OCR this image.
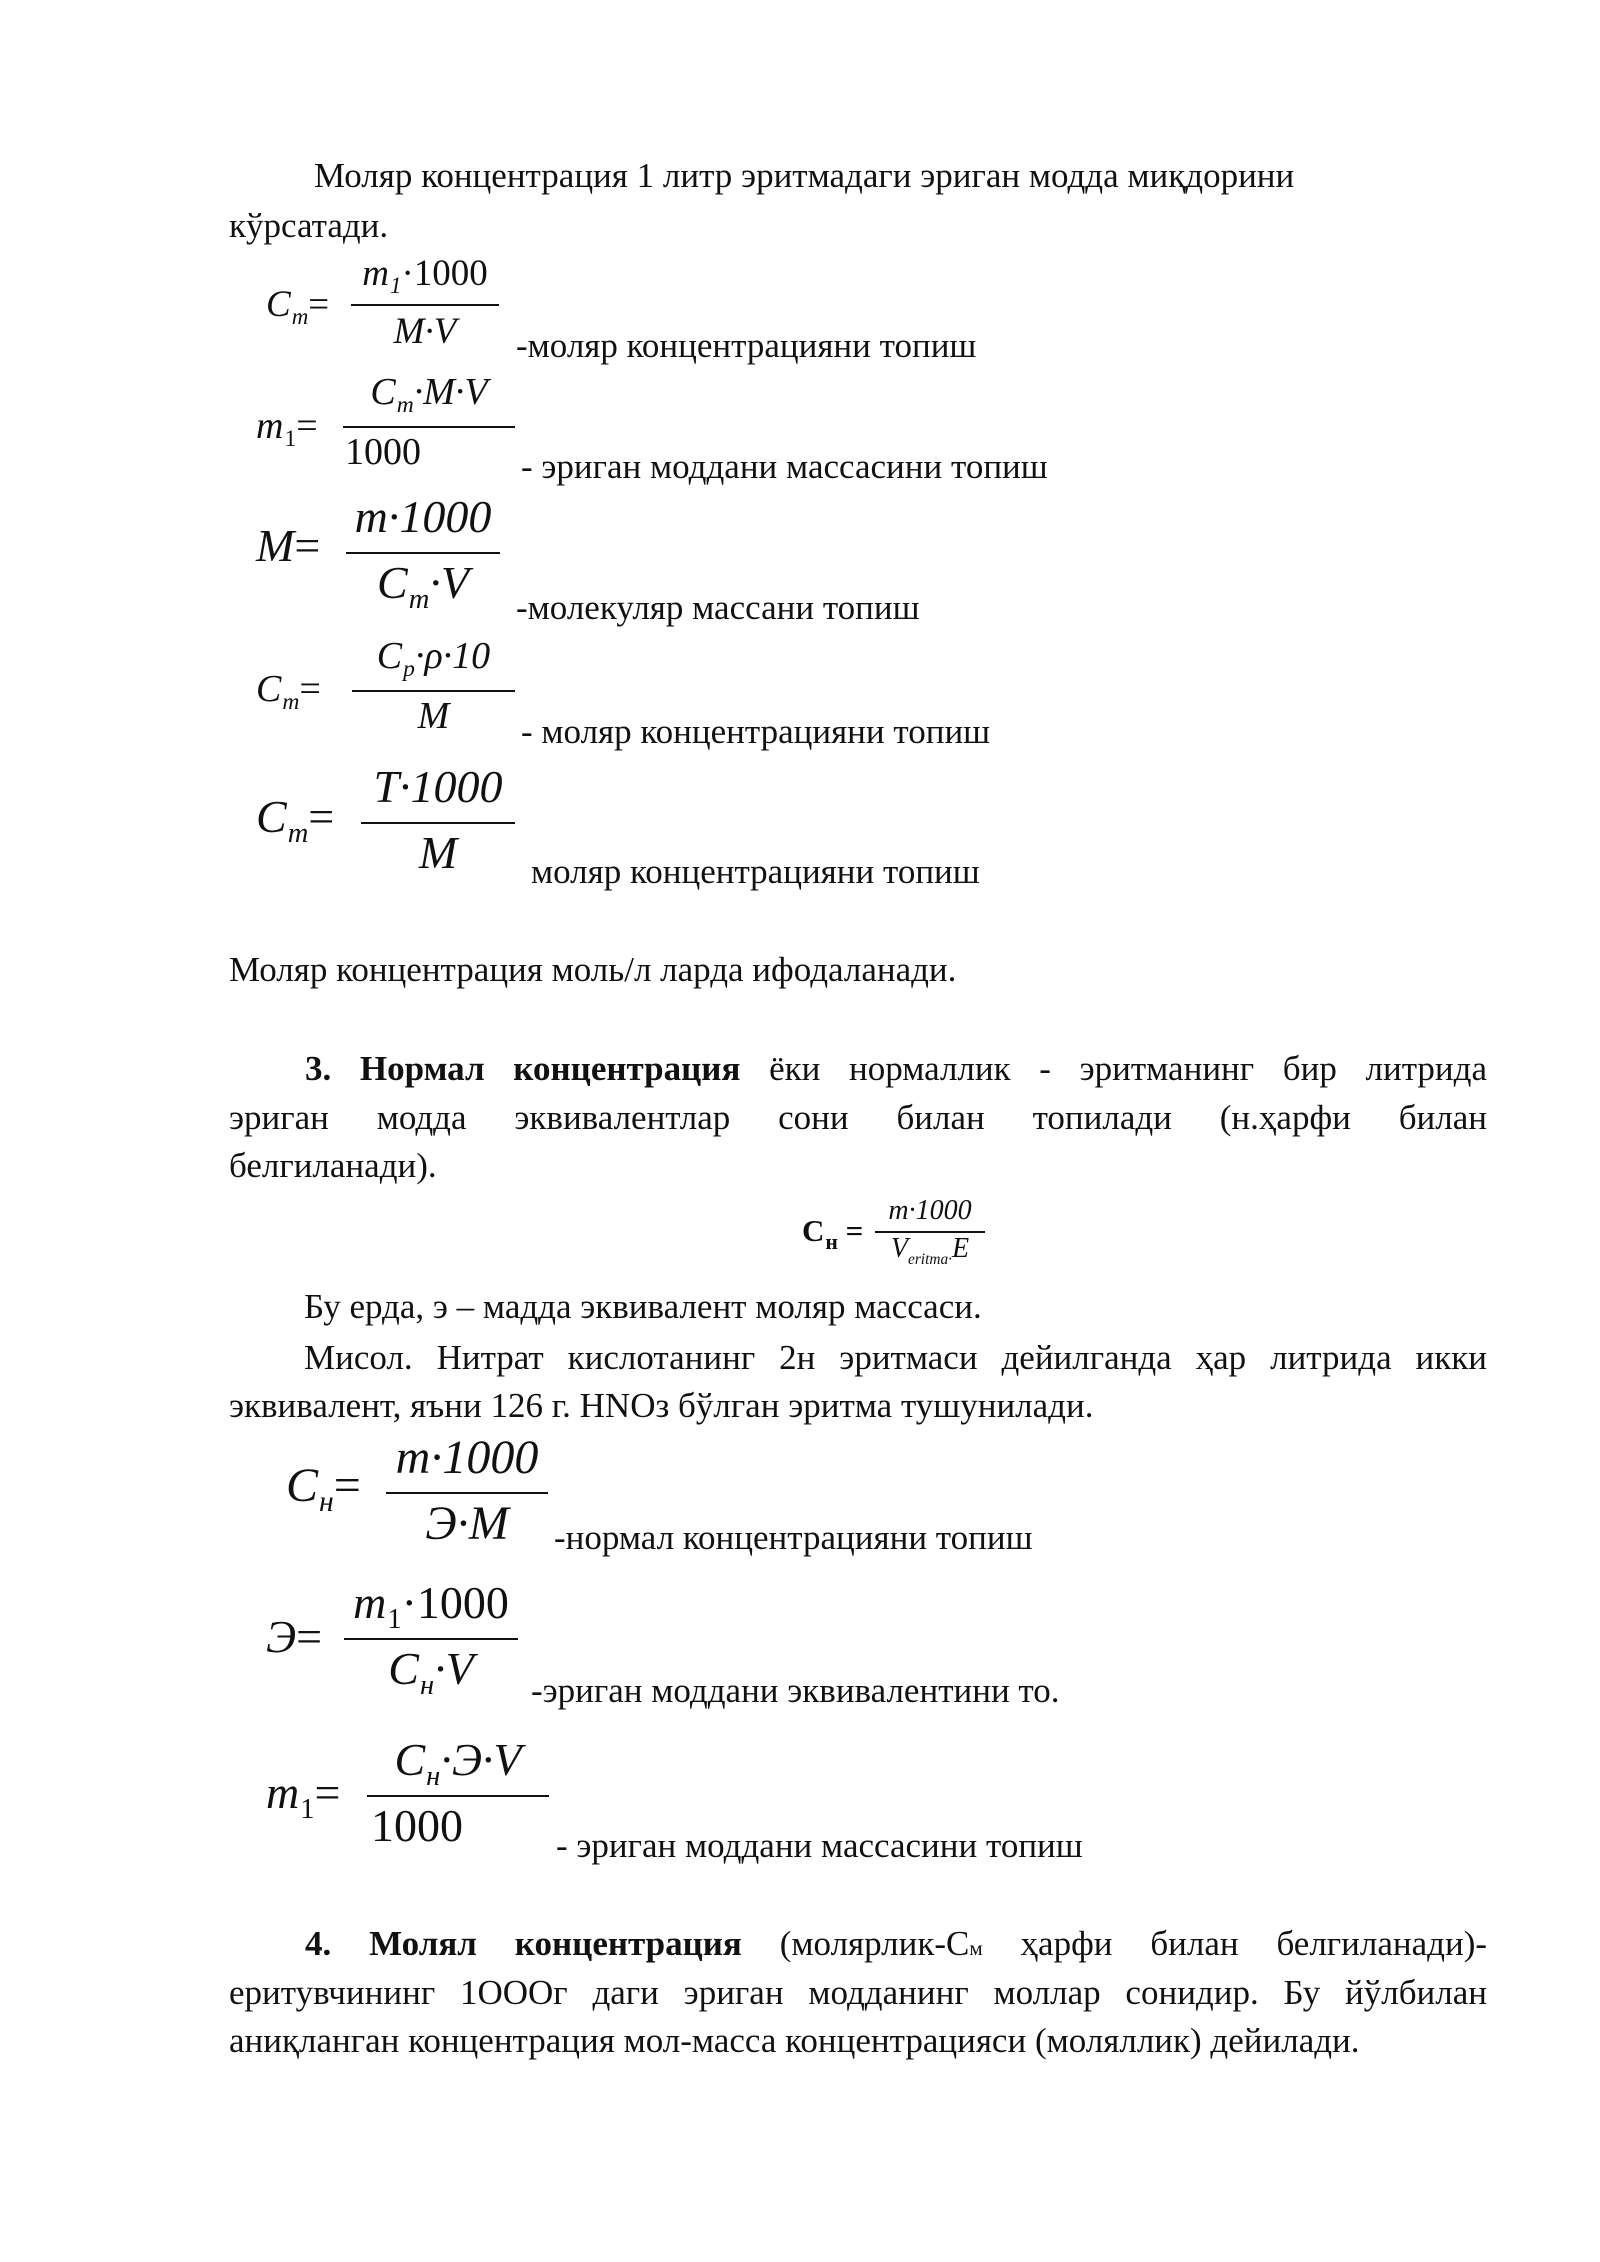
Моляр концентрация 1 литр эритмадаги эриган модда миқдорини
кўрсатади.
$C_m=$
$m_1\cdot 1000$
M·V	-моляр концентрацияни топиш
$m_1=$
$C_m\cdot M\cdot V$
1000	- эриган моддани массасини топиш
M=
m·1000
$C_m\cdot V$	-молекуляр массани топиш
$C_m=$
$C_p\cdot\rho\cdot 10$
M	- моляр концентрацияни топиш
$C_m=$
T·1000
M	моляр концентрацияни топиш
Моляр концентрация моль/л ларда ифодаланади.
3. Нормал концентрация ёки нормаллик - эритманинг бир литрида
эриган модда эквивалентлар сони билан топилади (н.ҳарфи билан
белгиланади).
$С_н$ =
m·1000
$V_{eritma\cdot}E$
Бу ерда, э – мадда эквивалент моляр массаси.
Мисол. Нитрат кислотанинг 2н эритмаси дейилганда ҳар литрида икки
эквивалент, яъни 126 г. HNOз бўлган эритма тушунилади.
$C_н=$
m·1000
Э·M	-нормал концентрацияни топиш
Э=
$m_1\cdot 1000$
$C_н\cdot V$	-эриган моддани эквивалентини то.
$m_1=$
$C_н\cdot Э\cdot V$
1000	- эриган моддани массасини топиш
4. Молял концентрация (молярлик-См ҳарфи билан белгиланади)-
еритувчининг 1ОООг даги эриган модданинг моллар сонидир. Бу йўлбилан
аниқланган концентрация мол-масса концентрацияси (моляллик) дейилади.
